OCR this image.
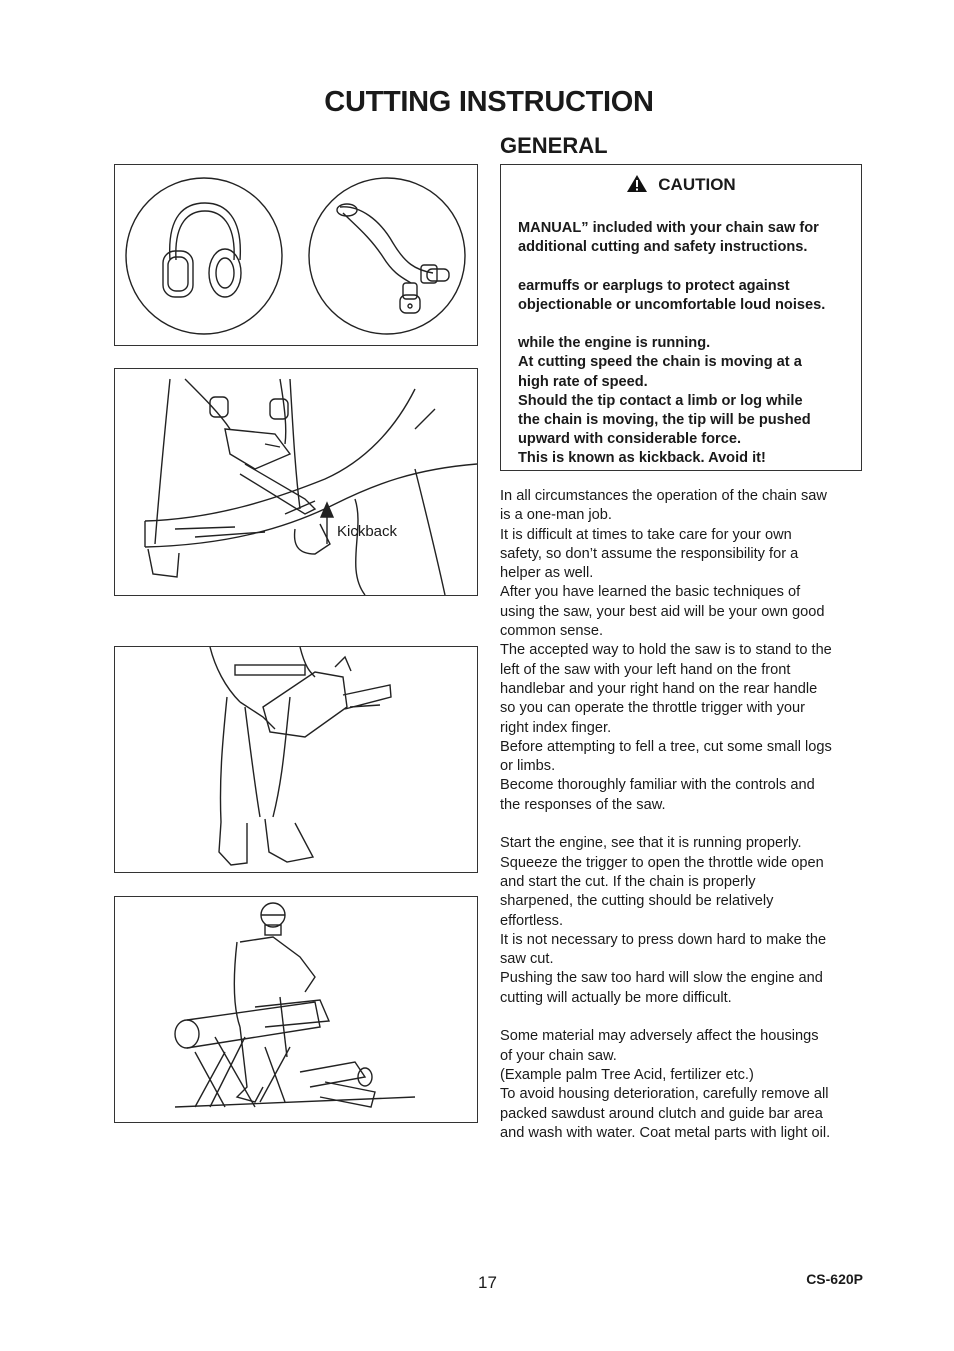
CUTTING INSTRUCTION
GENERAL
Kickback
CAUTION

MANUAL” included with your chain saw for

additional cutting and safety instructions.

earmuffs or earplugs to protect against

objectionable or uncomfortable loud noises.

while the engine is running.

At cutting speed the chain is moving at a

high rate of speed.

Should the tip contact a limb or log while

the chain is moving, the tip will be pushed

upward with considerable force.

This is known as kickback. Avoid it!

In all circumstances the operation of the chain saw

is a one-man job.

It is difficult at times to take care for your own

safety, so don’t assume the responsibility for a

helper as well.

After you have learned the basic techniques of

using the saw, your best aid will be your own good

common sense.

The accepted way to hold the saw is to stand to the

left of the saw with your left hand on the front

handlebar and your right hand on the rear handle

so you can operate the throttle trigger with your

right index finger.

Before attempting to fell a tree, cut some small logs

or limbs.

Become thoroughly familiar with the controls and

the responses of the saw.

Start the engine, see that it is running properly.

Squeeze the trigger to open the throttle wide open

and start the cut. If the chain is properly

sharpened, the cutting should be relatively

effortless.

It is not necessary to press down hard to make the

saw cut.

Pushing the saw too hard will slow the engine and

cutting will actually be more difficult.

Some material may adversely affect the housings

of your chain saw.

(Example palm Tree Acid, fertilizer etc.)

To avoid housing deterioration, carefully remove all

packed sawdust around clutch and guide bar area

and wash with water. Coat metal parts with light oil.

17	CS-620P
